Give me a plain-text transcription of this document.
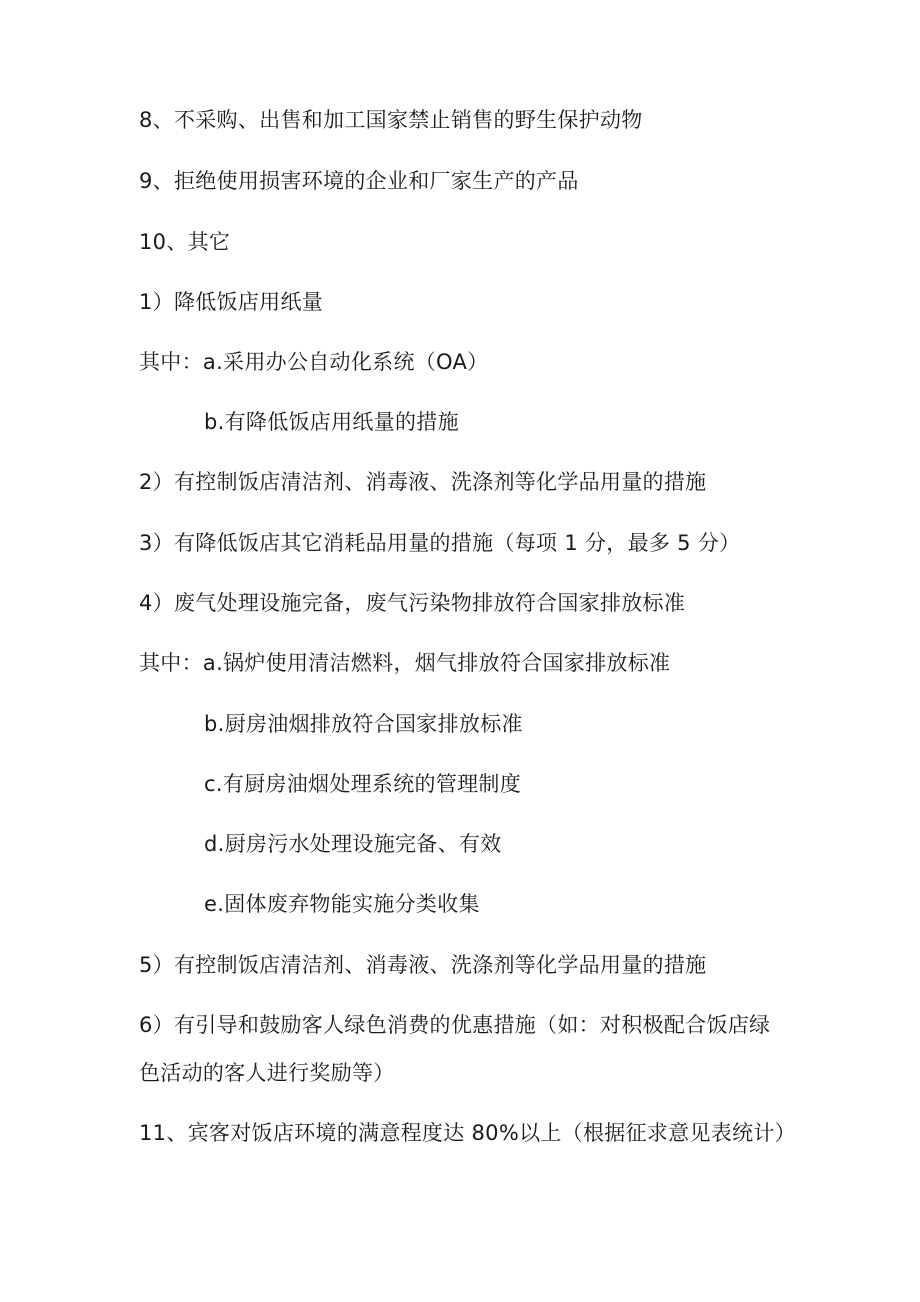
8、不采购、出售和加工国家禁止销售的野生保护动物

9、拒绝使用损害环境的企业和厂家生产的产品

10、其它

1）降低饭店用纸量

其中：a.采用办公自动化系统（OA）

b.有降低饭店用纸量的措施

2）有控制饭店清洁剂、消毒液、洗涤剂等化学品用量的措施

3）有降低饭店其它消耗品用量的措施（每项 1 分，最多 5 分）

4）废气处理设施完备，废气污染物排放符合国家排放标准

其中：a.锅炉使用清洁燃料，烟气排放符合国家排放标准

b.厨房油烟排放符合国家排放标准

c.有厨房油烟处理系统的管理制度

d.厨房污水处理设施完备、有效

e.固体废弃物能实施分类收集

5）有控制饭店清洁剂、消毒液、洗涤剂等化学品用量的措施

6）有引导和鼓励客人绿色消费的优惠措施（如：对积极配合饭店绿

色活动的客人进行奖励等）

11、宾客对饭店环境的满意程度达 80%以上（根据征求意见表统计）
